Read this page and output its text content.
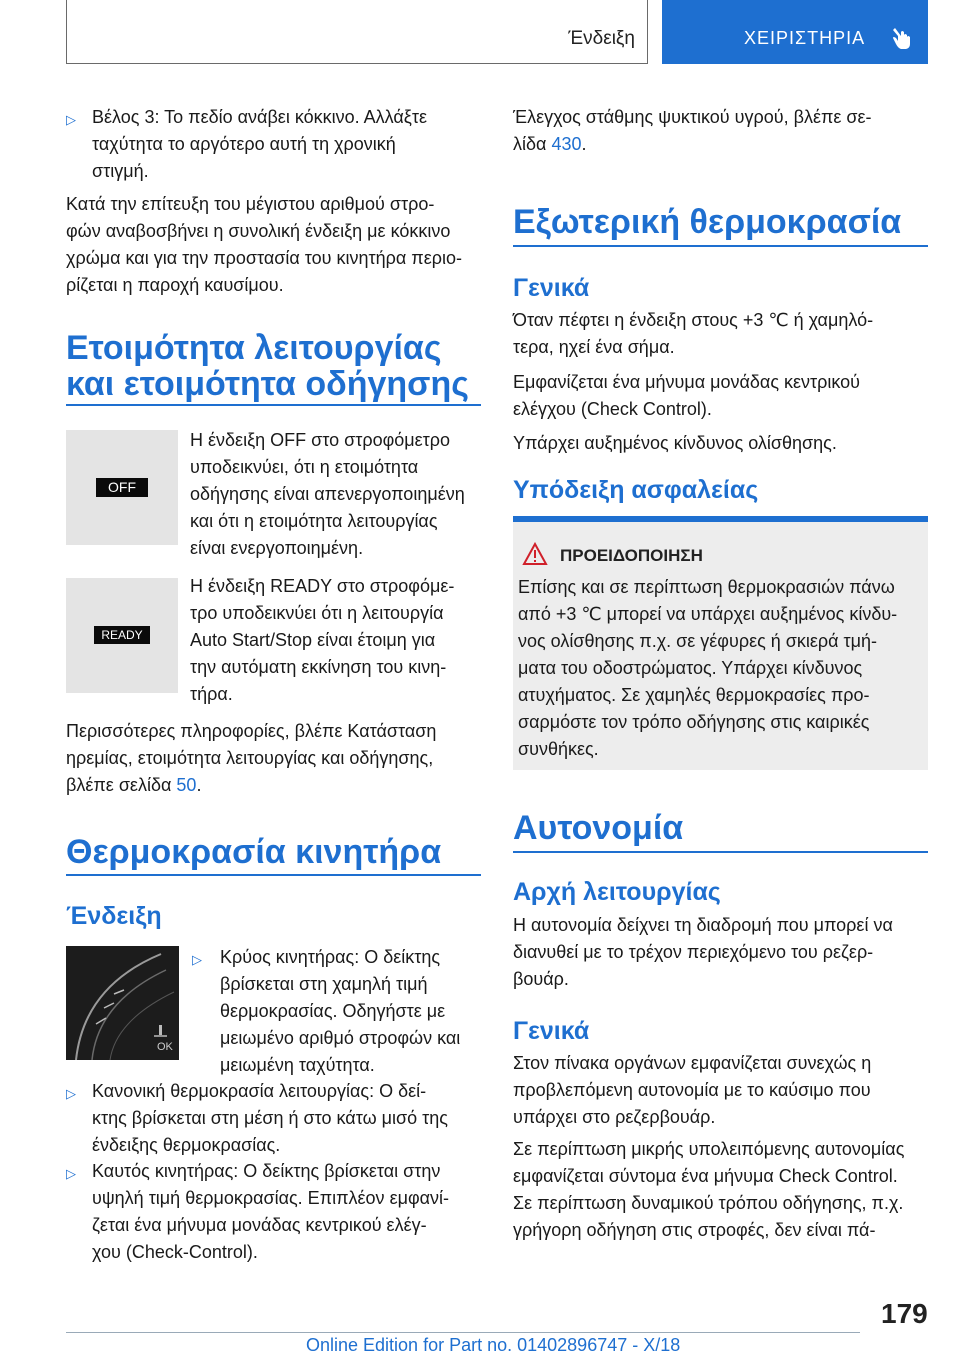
Ένδειξη	ΧΕΙΡΙΣΤΗΡΙΑ
▷ Βέλος 3: Το πεδίο ανάβει κόκκινο. Αλλάξτε
ταχύτητα το αργότερο αυτή τη χρονική
στιγμή.
Κατά την επίτευξη του μέγιστου αριθμού στρο-
φών αναβοσβήνει η συνολική ένδειξη με κόκκινο
χρώμα και για την προστασία του κινητήρα περιο-
ρίζεται η παροχή καυσίμου.
Ετοιμότητα λειτουργίας
και ετοιμότητα οδήγησης
OFF
Η ένδειξη OFF στο στροφόμετρο
υποδεικνύει, ότι η ετοιμότητα
οδήγησης είναι απενεργοποιημένη
και ότι η ετοιμότητα λειτουργίας
είναι ενεργοποιημένη.
READY
Η ένδειξη READY στο στροφόμε-
τρο υποδεικνύει ότι η λειτουργία
Auto Start/Stop είναι έτοιμη για
την αυτόματη εκκίνηση του κινη-
τήρα.
Περισσότερες πληροφορίες, βλέπε Κατάσταση
ηρεμίας, ετοιμότητα λειτουργίας και οδήγησης,
βλέπε σελίδα 50.
Θερμοκρασία κινητήρα
Ένδειξη
OK
▷ Κρύος κινητήρας: Ο δείκτης
βρίσκεται στη χαμηλή τιμή
θερμοκρασίας. Οδηγήστε με
μειωμένο αριθμό στροφών και
μειωμένη ταχύτητα.
▷ Κανονική θερμοκρασία λειτουργίας: Ο δεί-
κτης βρίσκεται στη μέση ή στο κάτω μισό της
ένδειξης θερμοκρασίας.
▷ Καυτός κινητήρας: Ο δείκτης βρίσκεται στην
υψηλή τιμή θερμοκρασίας. Επιπλέον εμφανί-
ζεται ένα μήνυμα μονάδας κεντρικού ελέγ-
χου (Check-Control).
Έλεγχος στάθμης ψυκτικού υγρού, βλέπε σε-
λίδα 430.
Εξωτερική θερμοκρασία
Γενικά
Όταν πέφτει η ένδειξη στους +3 ℃ ή χαμηλό-
τερα, ηχεί ένα σήμα.
Εμφανίζεται ένα μήνυμα μονάδας κεντρικού
ελέγχου (Check Control).
Υπάρχει αυξημένος κίνδυνος ολίσθησης.
Υπόδειξη ασφαλείας
ΠΡΟΕΙΔΟΠΟΙΗΣΗ
Επίσης και σε περίπτωση θερμοκρασιών πάνω
από +3 ℃ μπορεί να υπάρχει αυξημένος κίνδυ-
νος ολίσθησης π.χ. σε γέφυρες ή σκιερά τμή-
ματα του οδοστρώματος. Υπάρχει κίνδυνος
ατυχήματος. Σε χαμηλές θερμοκρασίες προ-
σαρμόστε τον τρόπο οδήγησης στις καιρικές
συνθήκες.
Αυτονομία
Αρχή λειτουργίας
Η αυτονομία δείχνει τη διαδρομή που μπορεί να
διανυθεί με το τρέχον περιεχόμενο του ρεζερ-
βουάρ.
Γενικά
Στον πίνακα οργάνων εμφανίζεται συνεχώς η
προβλεπόμενη αυτονομία με το καύσιμο που
υπάρχει στο ρεζερβουάρ.
Σε περίπτωση μικρής υπολειπόμενης αυτονομίας
εμφανίζεται σύντομα ένα μήνυμα Check Control.
Σε περίπτωση δυναμικού τρόπου οδήγησης, π.χ.
γρήγορη οδήγηση στις στροφές, δεν είναι πά-
179
Online Edition for Part no. 01402896747 - X/18
